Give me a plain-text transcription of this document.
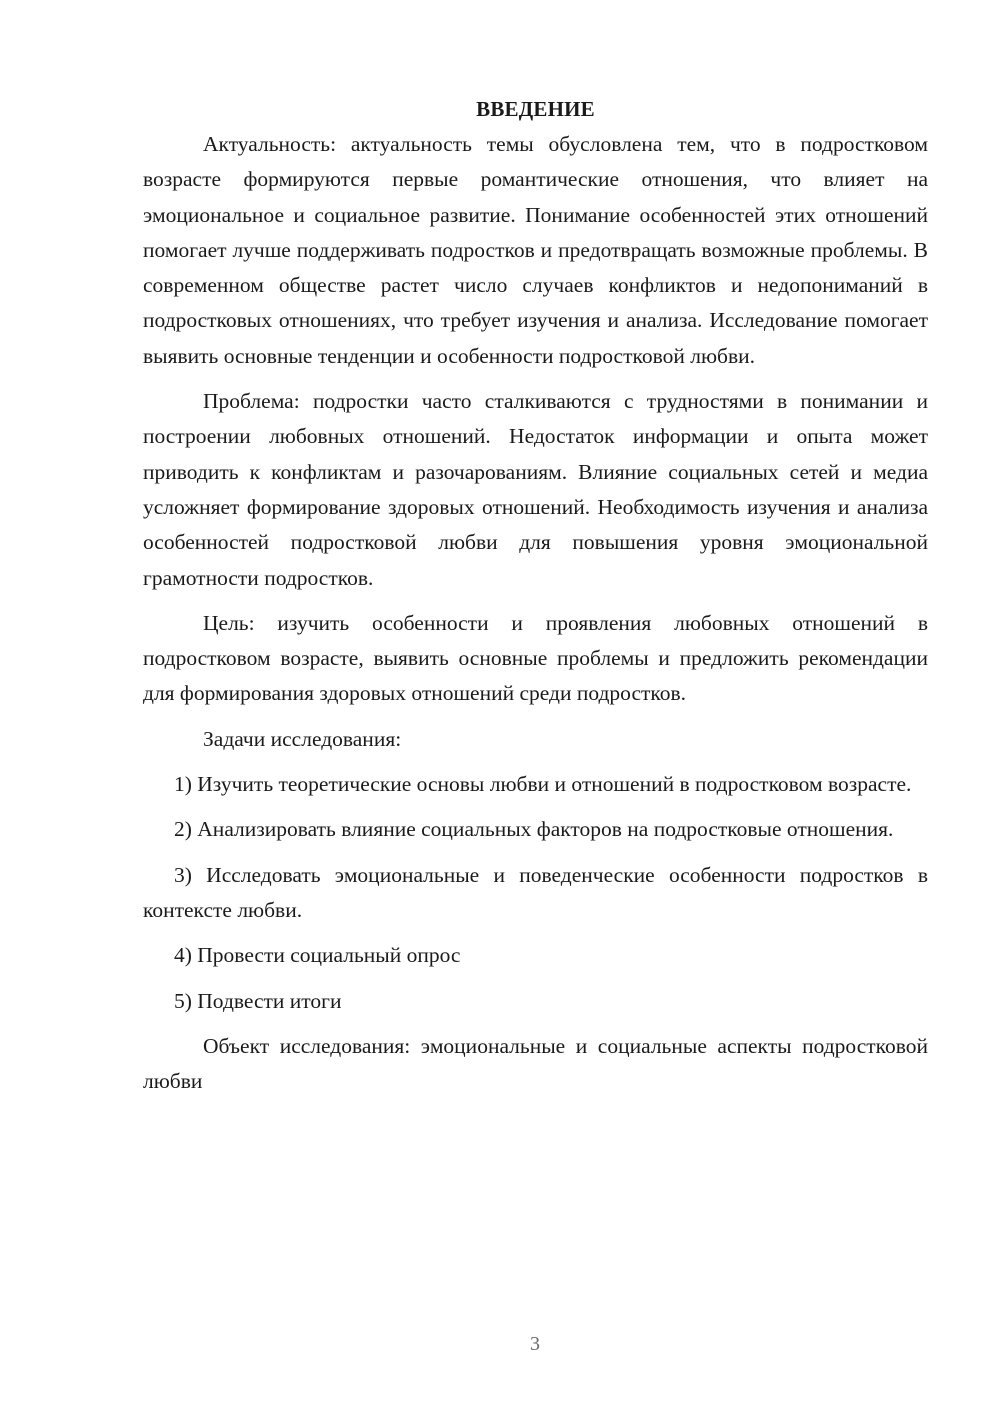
ВВЕДЕНИЕ

Актуальность: актуальность темы обусловлена тем, что в подростковом возрасте формируются первые романтические отношения, что влияет на эмоциональное и социальное развитие. Понимание особенностей этих отношений помогает лучше поддерживать подростков и предотвращать возможные проблемы. В современном обществе растет число случаев конфликтов и недопониманий в подростковых отношениях, что требует изучения и анализа. Исследование помогает выявить основные тенденции и особенности подростковой любви.

Проблема: подростки часто сталкиваются с трудностями в понимании и построении любовных отношений. Недостаток информации и опыта может приводить к конфликтам и разочарованиям. Влияние социальных сетей и медиа усложняет формирование здоровых отношений. Необходимость изучения и анализа особенностей подростковой любви для повышения уровня эмоциональной грамотности подростков.

Цель: изучить особенности и проявления любовных отношений в подростковом возрасте, выявить основные проблемы и предложить рекомендации для формирования здоровых отношений среди подростков.

Задачи исследования:

1) Изучить теоретические основы любви и отношений в подростковом возрасте.

2) Анализировать влияние социальных факторов на подростковые отношения.

3) Исследовать эмоциональные и поведенческие особенности подростков в контексте любви.

4) Провести социальный опрос

5) Подвести итоги

Объект исследования: эмоциональные и социальные аспекты подростковой любви

3
